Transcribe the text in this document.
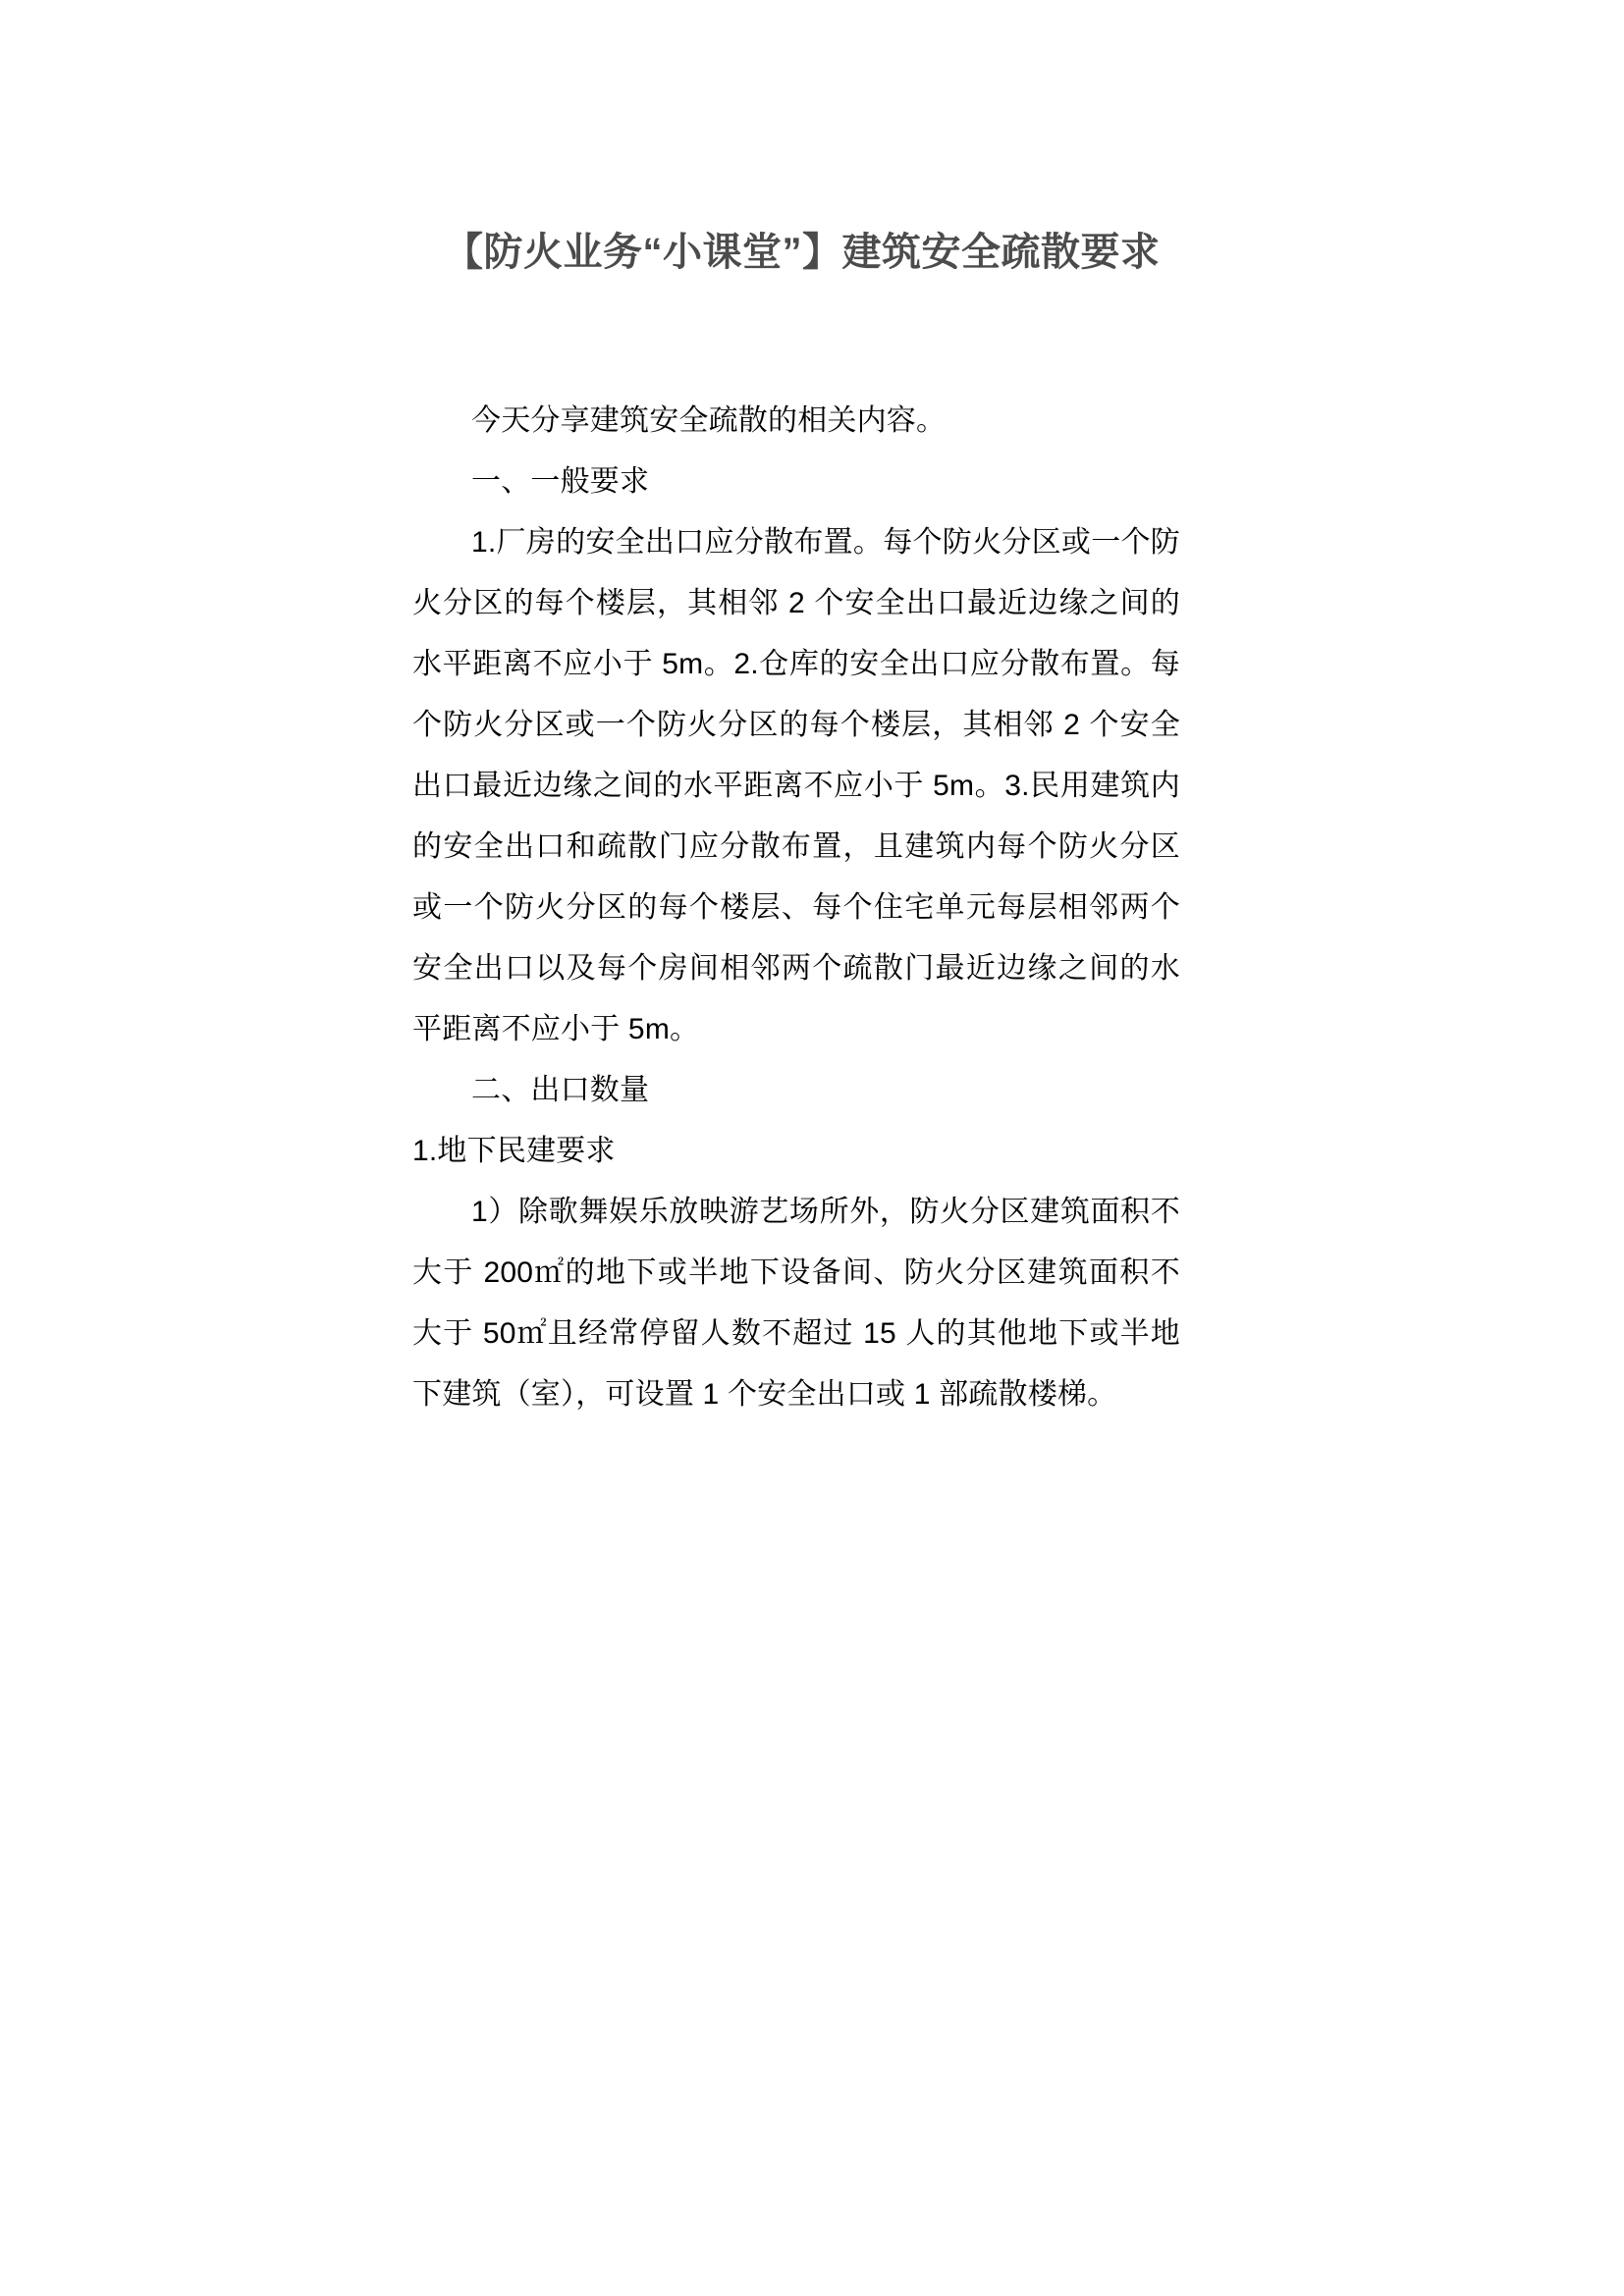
【防火业务“小课堂”】建筑安全疏散要求

今天分享建筑安全疏散的相关内容。

一、一般要求

1.厂房的安全出口应分散布置。每个防火分区或一个防火分区的每个楼层，其相邻 2 个安全出口最近边缘之间的水平距离不应小于 5m。2.仓库的安全出口应分散布置。每个防火分区或一个防火分区的每个楼层，其相邻 2 个安全出口最近边缘之间的水平距离不应小于 5m。3.民用建筑内的安全出口和疏散门应分散布置，且建筑内每个防火分区或一个防火分区的每个楼层、每个住宅单元每层相邻两个安全出口以及每个房间相邻两个疏散门最近边缘之间的水平距离不应小于 5m。

二、出口数量

1.地下民建要求

1）除歌舞娱乐放映游艺场所外，防火分区建筑面积不大于 200㎡的地下或半地下设备间、防火分区建筑面积不大于 50㎡且经常停留人数不超过 15 人的其他地下或半地下建筑（室），可设置 1 个安全出口或 1 部疏散楼梯。
